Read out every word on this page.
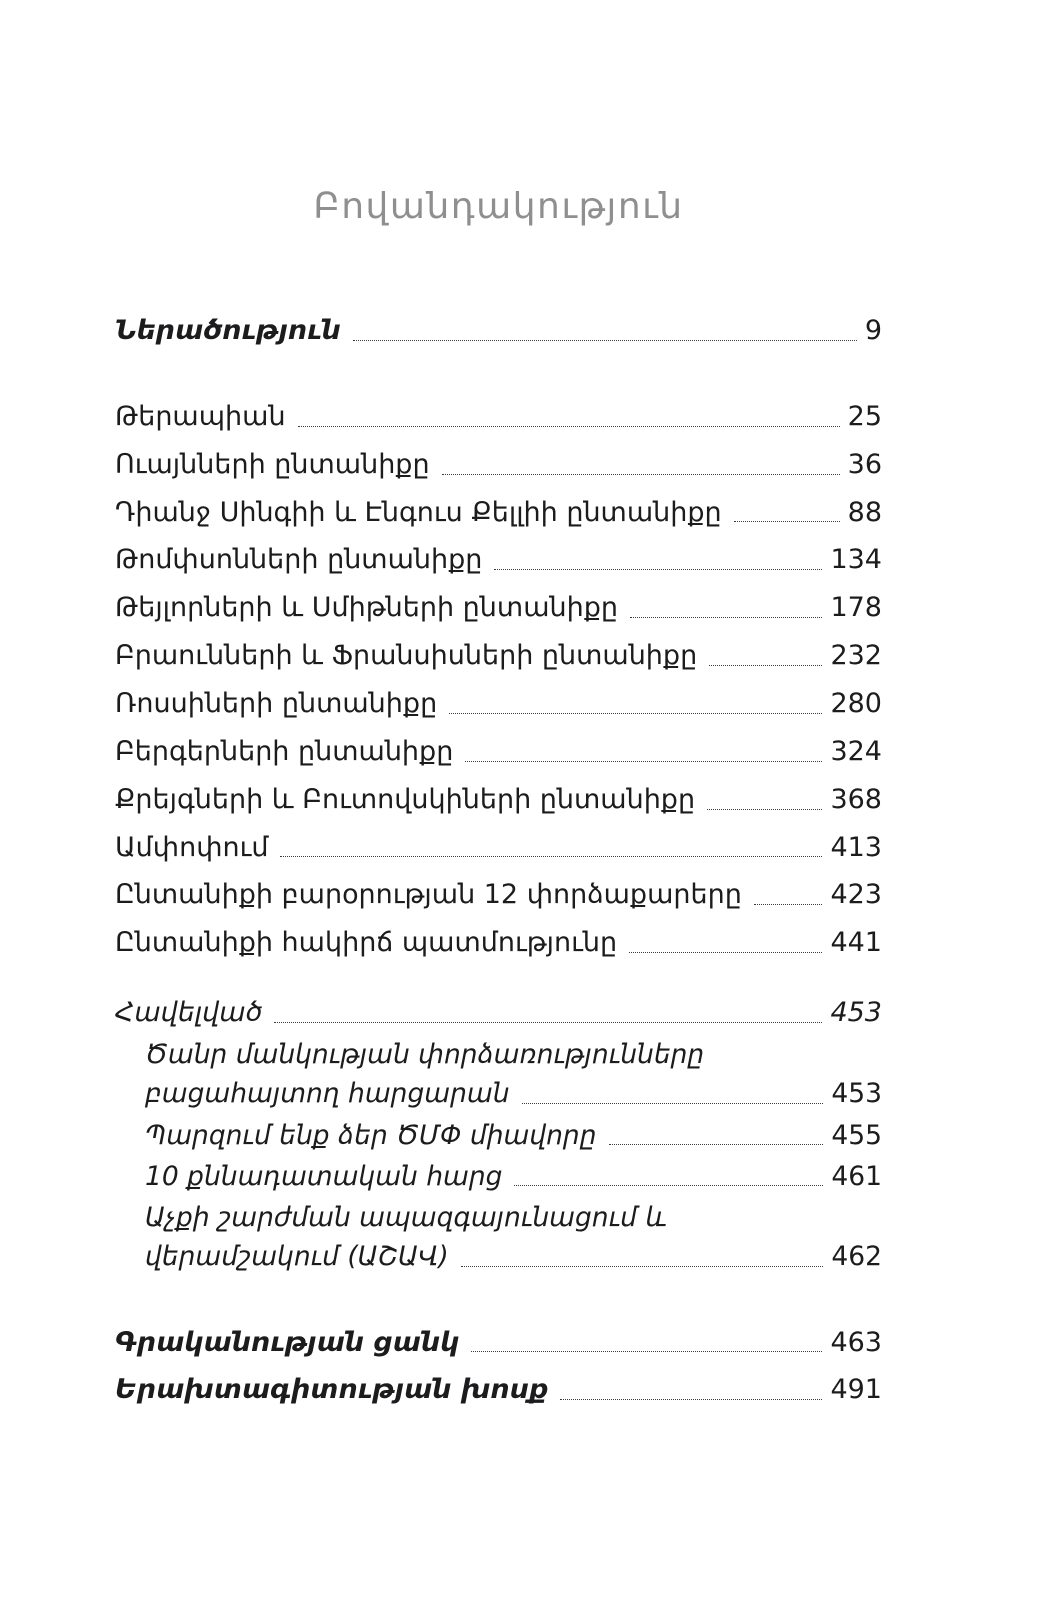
Բովանդակություն
Ներածություն	9
Թերապիան	25
Ուայնների ընտանիքը	36
Դիանջ Սինգիի և Էնգուս Քելլիի ընտանիքը	88
Թոմփսոնների ընտանիքը	134
Թեյլորների և Սմիթների ընտանիքը	178
Բրաունների և Ֆրանսիսների ընտանիքը	232
Ռոսսիների ընտանիքը	280
Բերգերների ընտանիքը	324
Քրեյգների և Բուտովսկիների ընտանիքը	368
Ամփոփում	413
Ընտանիքի բարօրության 12 փորձաքարերը	423
Ընտանիքի հակիրճ պատմությունը	441
Հավելված	453
Ծանր մանկության փորձառությունները
բացահայտող հարցարան	453
Պարզում ենք ձեր ԾՄՓ միավորը	455
10 քննադատական հարց	461
Աչքի շարժման ապազգայունացում և
վերամշակում (ԱՇԱՎ)	462
Գրականության ցանկ	463
Երախտագիտության խոսք	491
